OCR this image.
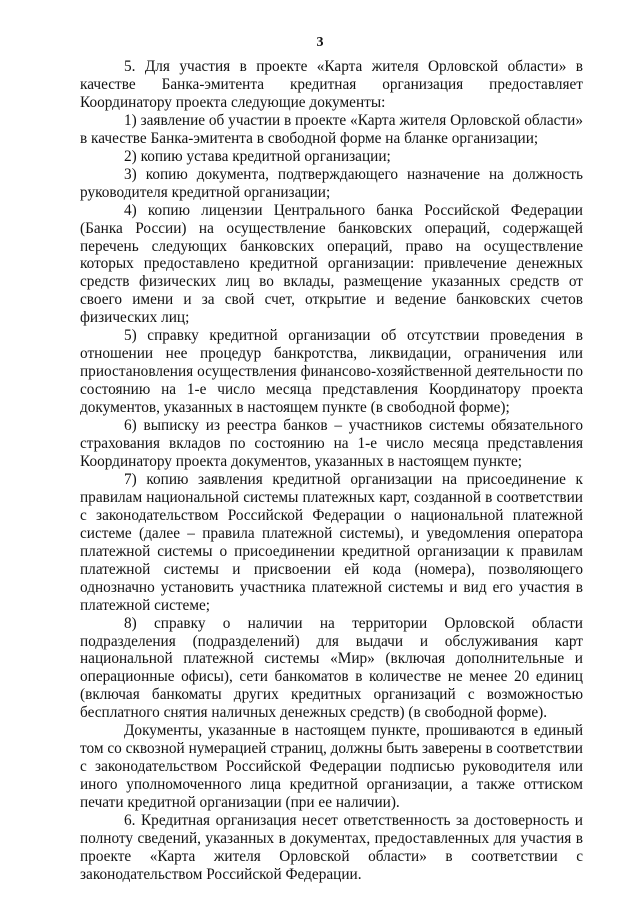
3

5. Для участия в проекте «Карта жителя Орловской области» в качестве Банка-эмитента кредитная организация предоставляет Координатору проекта следующие документы:

1) заявление об участии в проекте «Карта жителя Орловской области» в качестве Банка-эмитента в свободной форме на бланке организации;

2) копию устава кредитной организации;

3) копию документа, подтверждающего назначение на должность руководителя кредитной организации;

4) копию лицензии Центрального банка Российской Федерации (Банка России) на осуществление банковских операций, содержащей перечень следующих банковских операций, право на осуществление которых предоставлено кредитной организации: привлечение денежных средств физических лиц во вклады, размещение указанных средств от своего имени и за свой счет, открытие и ведение банковских счетов физических лиц;

5) справку кредитной организации об отсутствии проведения в отношении нее процедур банкротства, ликвидации, ограничения или приостановления осуществления финансово-хозяйственной деятельности по состоянию на 1-е число месяца представления Координатору проекта документов, указанных в настоящем пункте (в свободной форме);

6) выписку из реестра банков – участников системы обязательного страхования вкладов по состоянию на 1-е число месяца представления Координатору проекта документов, указанных в настоящем пункте;

7) копию заявления кредитной организации на присоединение к правилам национальной системы платежных карт, созданной в соответствии с законодательством Российской Федерации о национальной платежной системе (далее – правила платежной системы), и уведомления оператора платежной системы о присоединении кредитной организации к правилам платежной системы и присвоении ей кода (номера), позволяющего однозначно установить участника платежной системы и вид его участия в платежной системе;

8) справку о наличии на территории Орловской области подразделения (подразделений) для выдачи и обслуживания карт национальной платежной системы «Мир» (включая дополнительные и операционные офисы), сети банкоматов в количестве не менее 20 единиц (включая банкоматы других кредитных организаций с возможностью бесплатного снятия наличных денежных средств) (в свободной форме).

Документы, указанные в настоящем пункте, прошиваются в единый том со сквозной нумерацией страниц, должны быть заверены в соответствии с законодательством Российской Федерации подписью руководителя или иного уполномоченного лица кредитной организации, а также оттиском печати кредитной организации (при ее наличии).

6. Кредитная организация несет ответственность за достоверность и полноту сведений, указанных в документах, предоставленных для участия в проекте «Карта жителя Орловской области» в соответствии с законодательством Российской Федерации.
